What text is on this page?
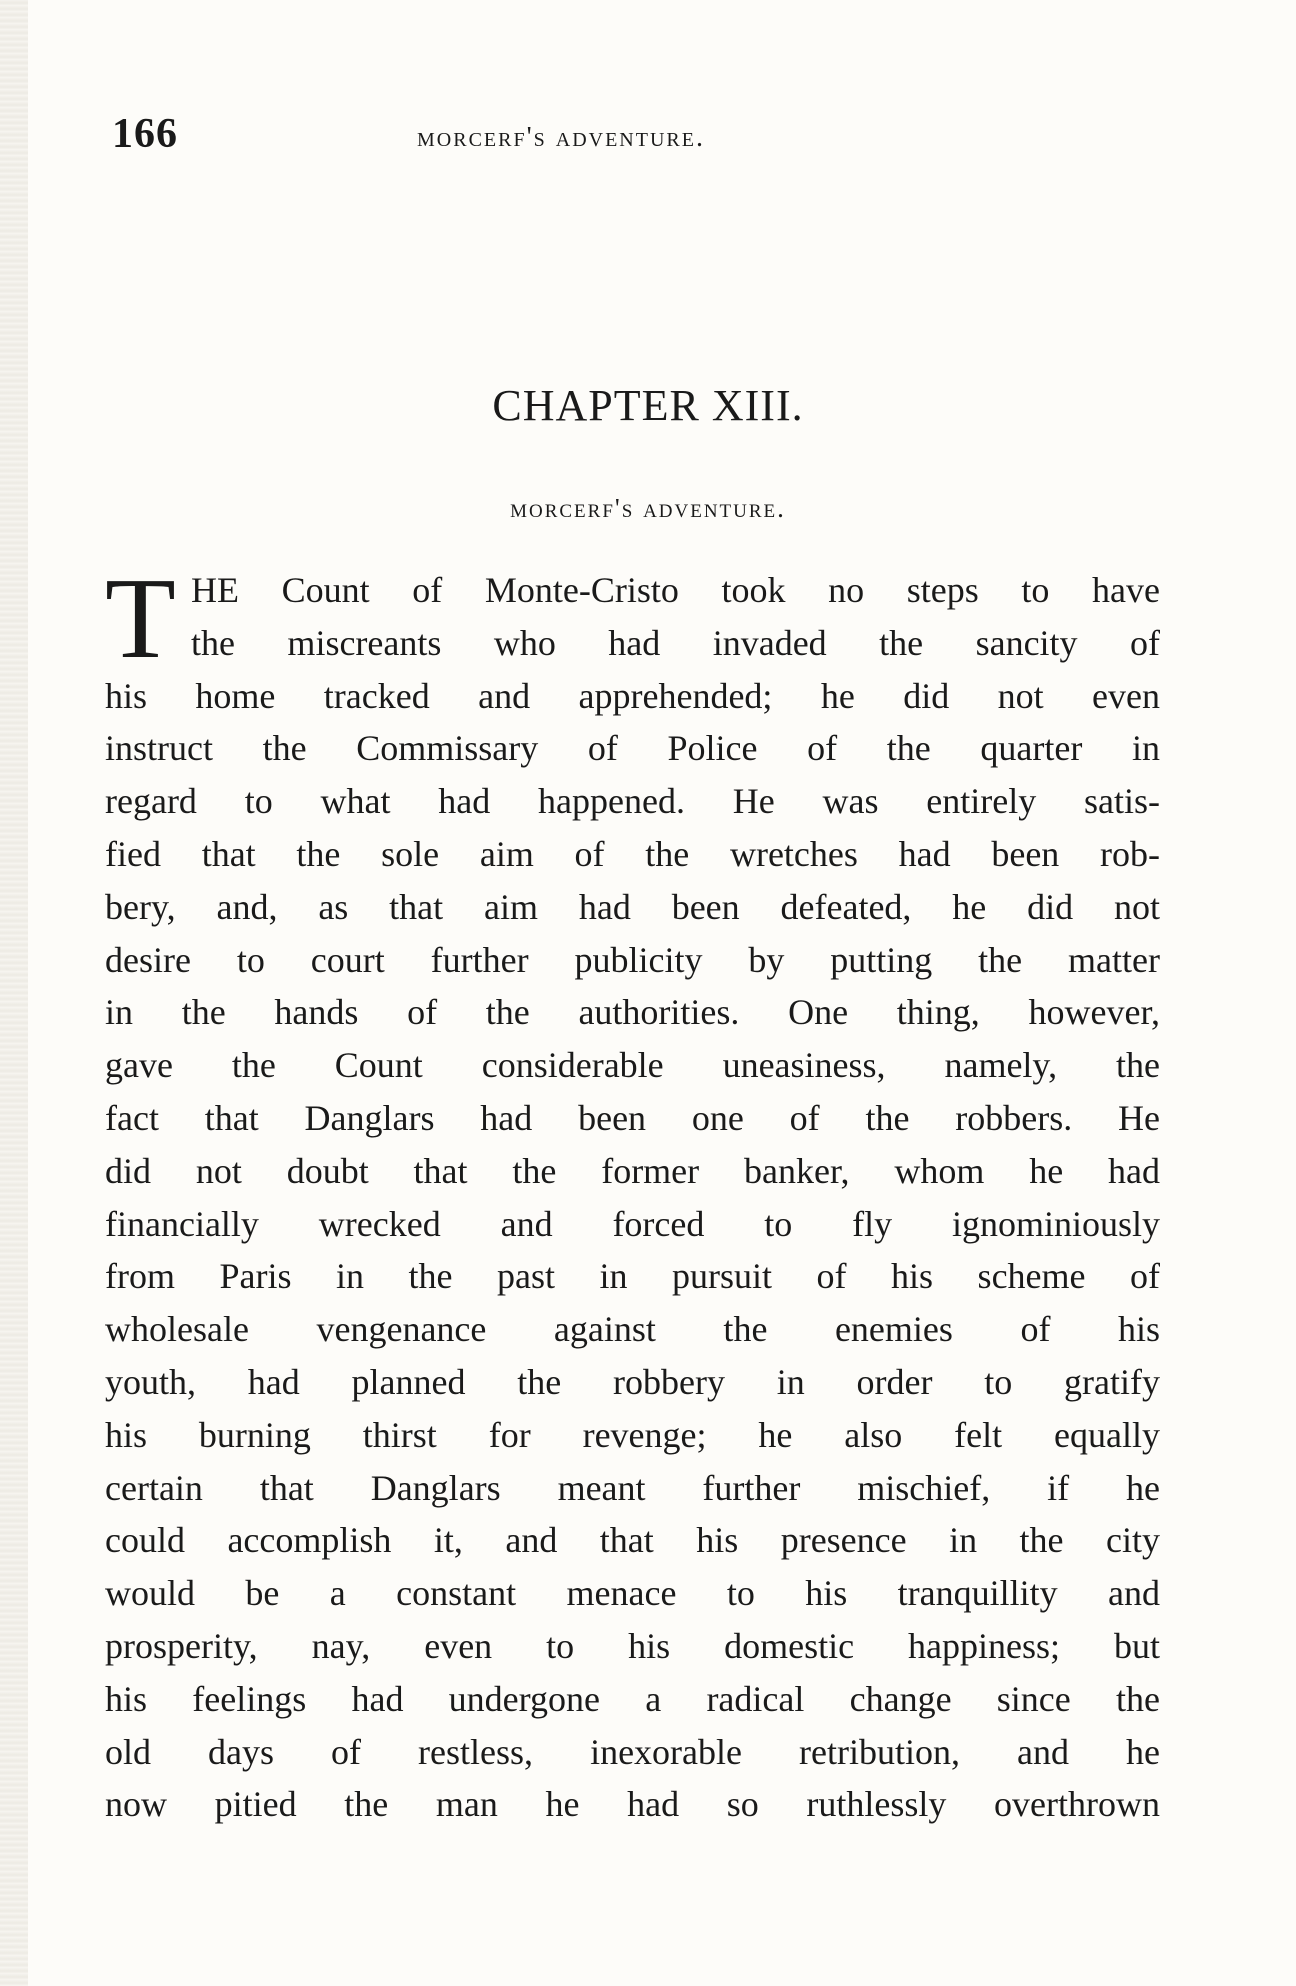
166	morcerf's adventure.
CHAPTER XIII.
morcerf's adventure.
T HE Count of Monte-Cristo took no steps to have
the miscreants who had invaded the sancity of
his home tracked and apprehended; he did not even
instruct the Commissary of Police of the quarter in
regard to what had happened. He was entirely satis-
fied that the sole aim of the wretches had been rob-
bery, and, as that aim had been defeated, he did not
desire to court further publicity by putting the matter
in the hands of the authorities. One thing, however,
gave the Count considerable uneasiness, namely, the
fact that Danglars had been one of the robbers. He
did not doubt that the former banker, whom he had
financially wrecked and forced to fly ignominiously
from Paris in the past in pursuit of his scheme of
wholesale vengenance against the enemies of his
youth, had planned the robbery in order to gratify
his burning thirst for revenge; he also felt equally
certain that Danglars meant further mischief, if he
could accomplish it, and that his presence in the city
would be a constant menace to his tranquillity and
prosperity, nay, even to his domestic happiness; but
his feelings had undergone a radical change since the
old days of restless, inexorable retribution, and he
now pitied the man he had so ruthlessly overthrown
